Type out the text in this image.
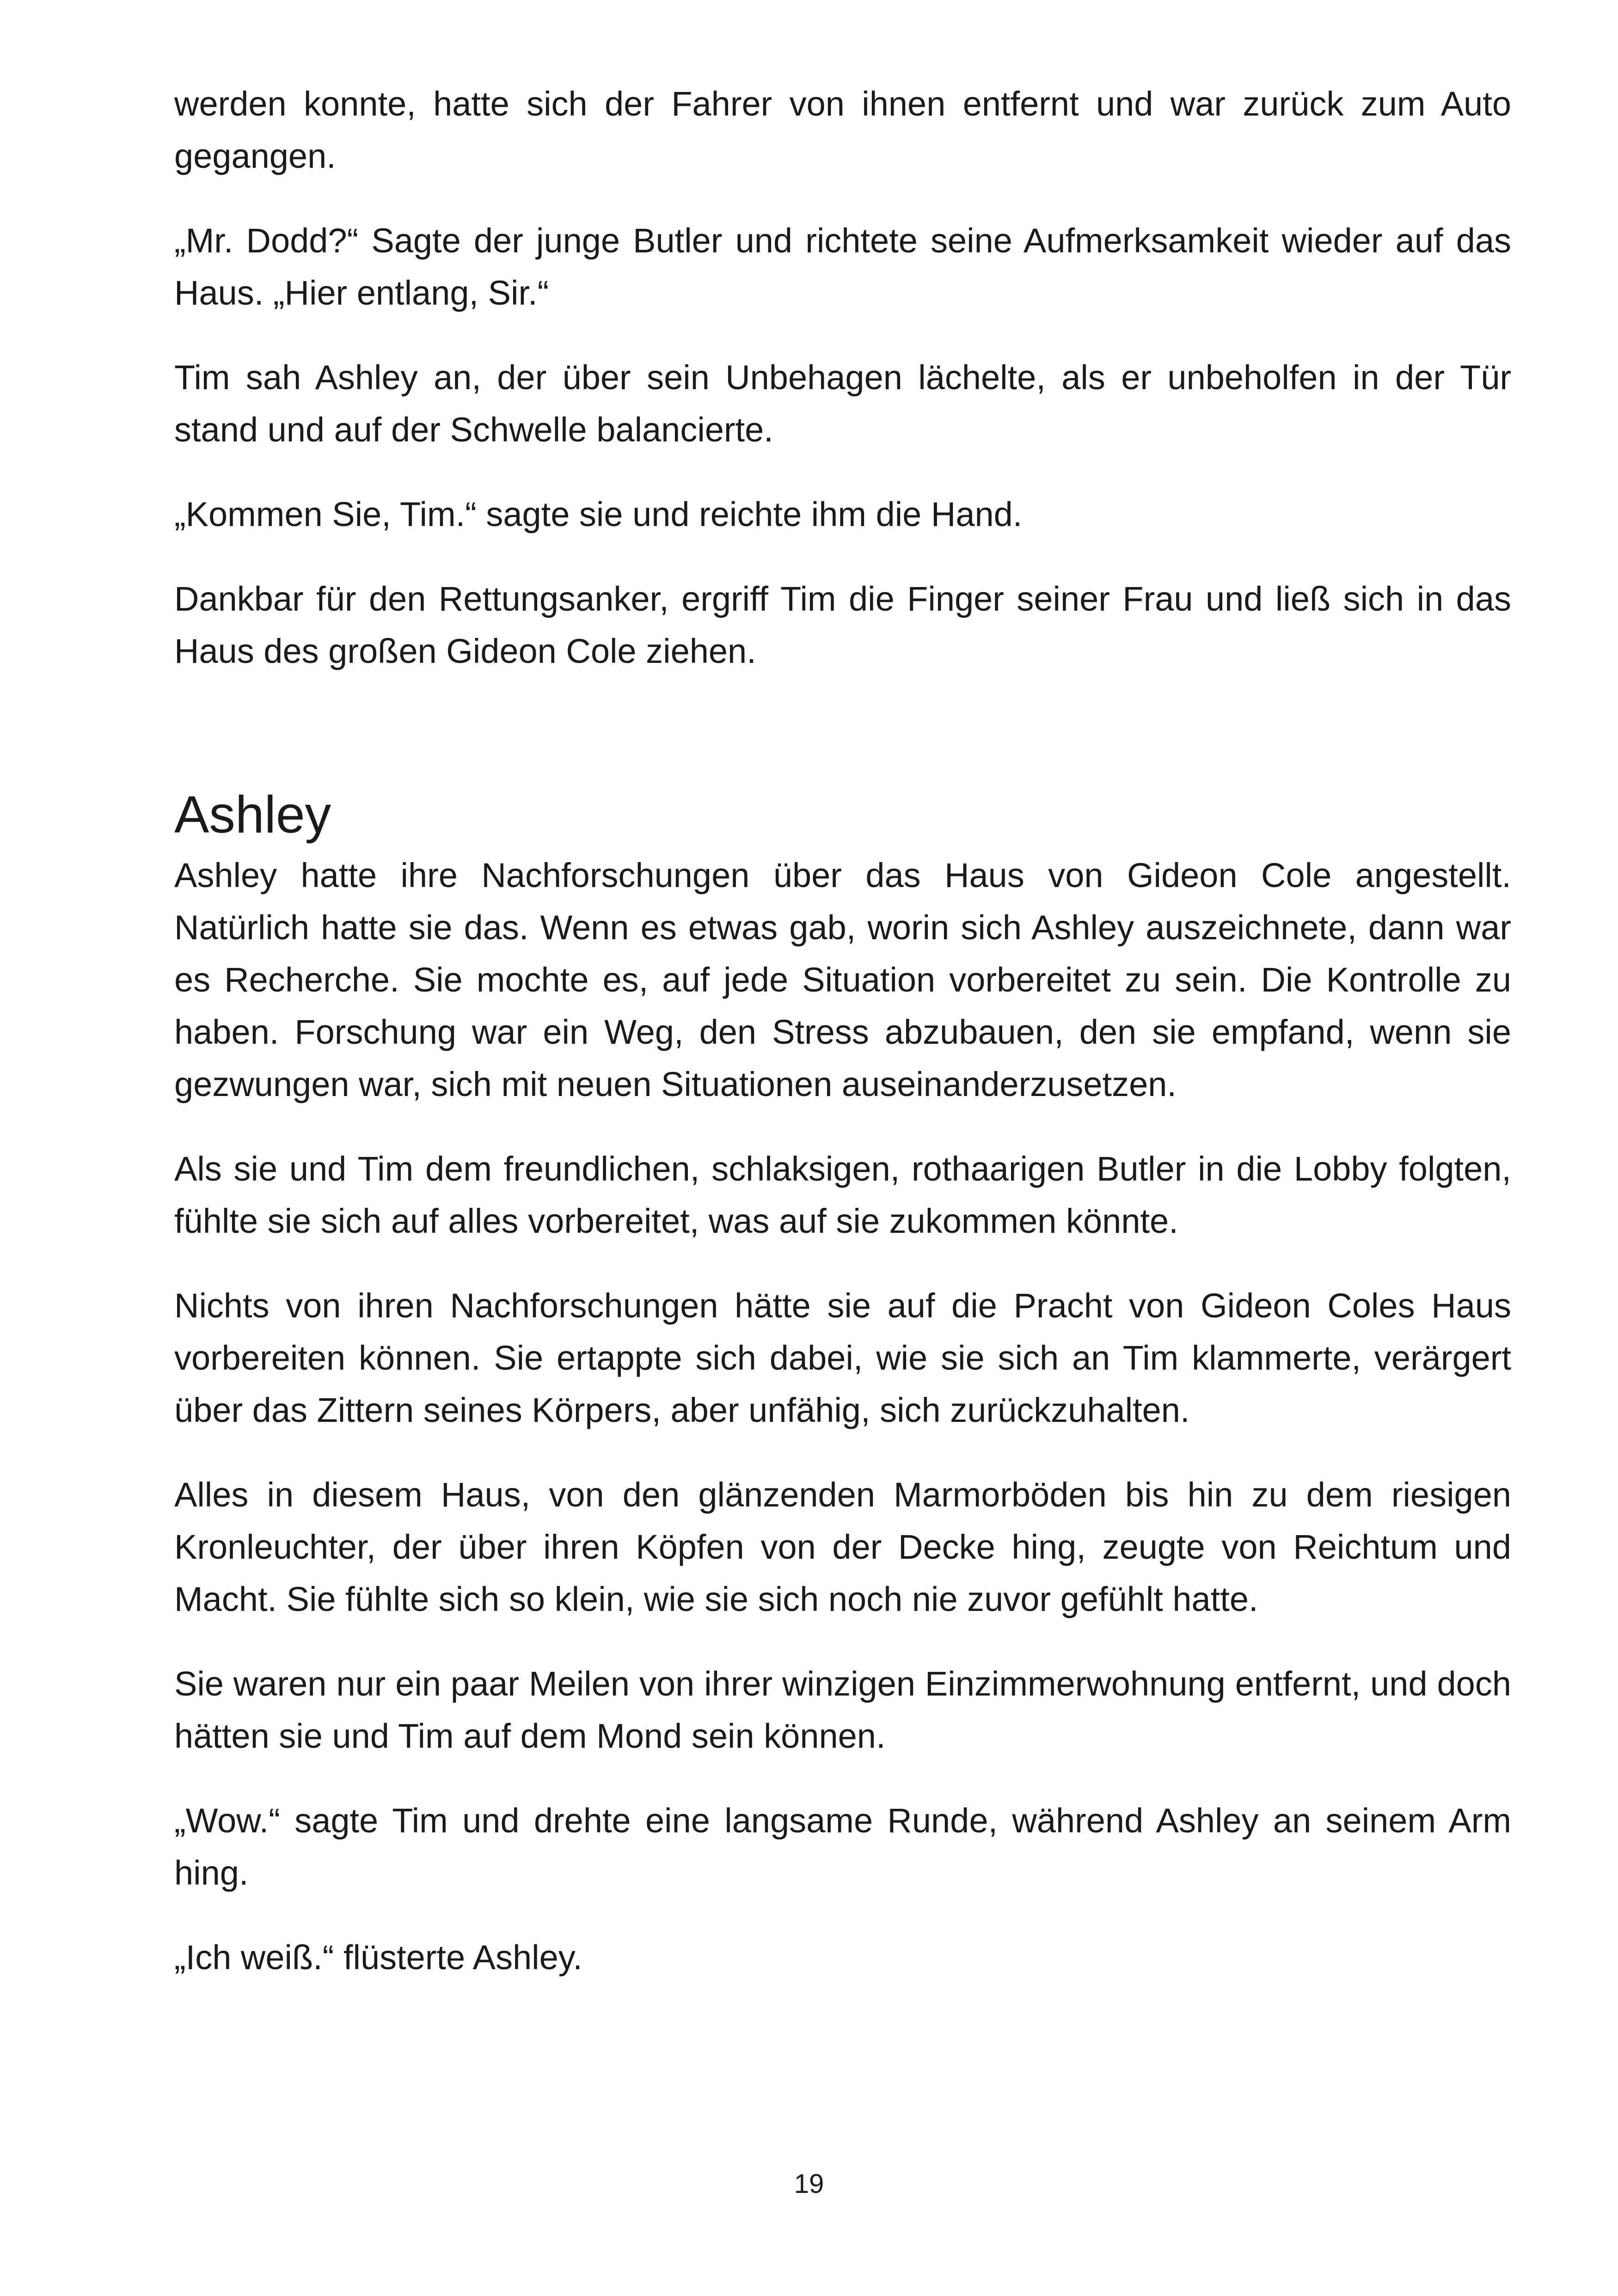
werden konnte, hatte sich der Fahrer von ihnen entfernt und war zurück zum Auto gegangen.

„Mr. Dodd?“ Sagte der junge Butler und richtete seine Aufmerksamkeit wieder auf das Haus. „Hier entlang, Sir.“

Tim sah Ashley an, der über sein Unbehagen lächelte, als er unbeholfen in der Tür stand und auf der Schwelle balancierte.

„Kommen Sie, Tim.“ sagte sie und reichte ihm die Hand.

Dankbar für den Rettungsanker, ergriff Tim die Finger seiner Frau und ließ sich in das Haus des großen Gideon Cole ziehen.

Ashley

Ashley hatte ihre Nachforschungen über das Haus von Gideon Cole angestellt. Natürlich hatte sie das. Wenn es etwas gab, worin sich Ashley auszeichnete, dann war es Recherche. Sie mochte es, auf jede Situation vorbereitet zu sein. Die Kontrolle zu haben. Forschung war ein Weg, den Stress abzubauen, den sie empfand, wenn sie gezwungen war, sich mit neuen Situationen auseinanderzusetzen.

Als sie und Tim dem freundlichen, schlaksigen, rothaarigen Butler in die Lobby folgten, fühlte sie sich auf alles vorbereitet, was auf sie zukommen könnte.

Nichts von ihren Nachforschungen hätte sie auf die Pracht von Gideon Coles Haus vorbereiten können. Sie ertappte sich dabei, wie sie sich an Tim klammerte, verärgert über das Zittern seines Körpers, aber unfähig, sich zurückzuhalten.

Alles in diesem Haus, von den glänzenden Marmorböden bis hin zu dem riesigen Kronleuchter, der über ihren Köpfen von der Decke hing, zeugte von Reichtum und Macht. Sie fühlte sich so klein, wie sie sich noch nie zuvor gefühlt hatte.

Sie waren nur ein paar Meilen von ihrer winzigen Einzimmerwohnung entfernt, und doch hätten sie und Tim auf dem Mond sein können.

„Wow.“ sagte Tim und drehte eine langsame Runde, während Ashley an seinem Arm hing.

„Ich weiß.“ flüsterte Ashley.

19
